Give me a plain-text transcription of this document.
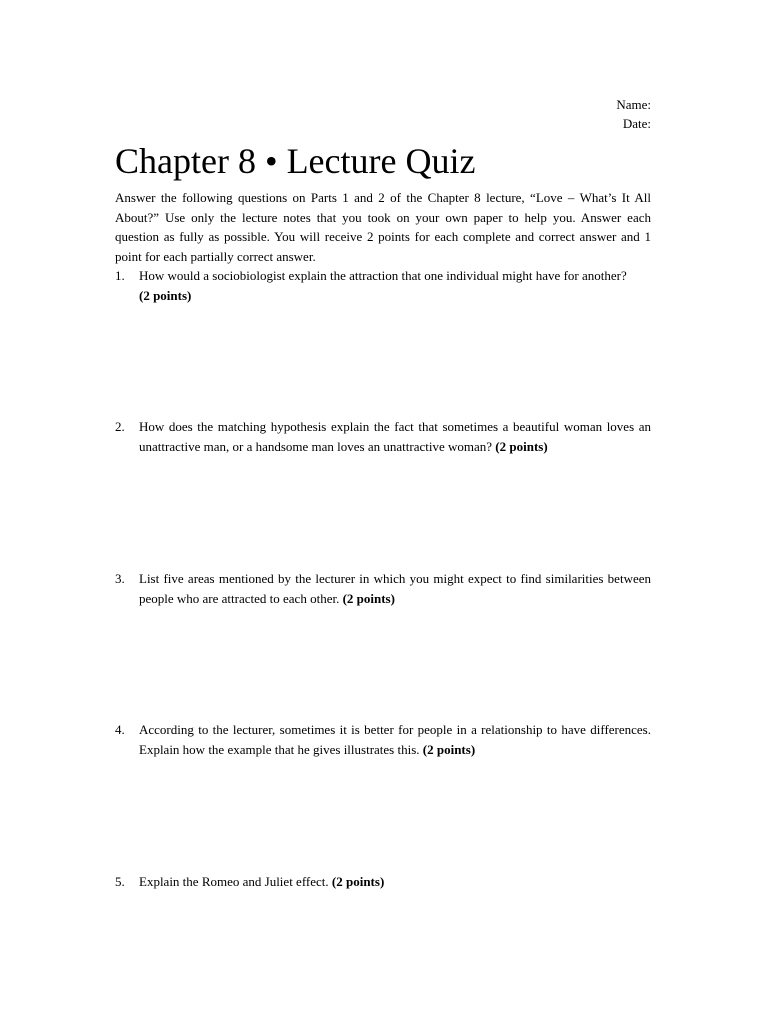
Name:
Date:
Chapter 8 • Lecture Quiz

Answer the following questions on Parts 1 and 2 of the Chapter 8 lecture, “Love – What’s It All About?” Use only the lecture notes that you took on your own paper to help you. Answer each question as fully as possible. You will receive 2 points for each complete and correct answer and 1 point for each partially correct answer.

1.	How would a sociobiologist explain the attraction that one individual might have for another?
(2 points)
2.	How does the matching hypothesis explain the fact that sometimes a beautiful woman loves an unattractive man, or a handsome man loves an unattractive woman? (2 points)
3.	List five areas mentioned by the lecturer in which you might expect to find similarities between people who are attracted to each other. (2 points)
4.	According to the lecturer, sometimes it is better for people in a relationship to have differences. Explain how the example that he gives illustrates this. (2 points)
5.	Explain the Romeo and Juliet effect. (2 points)
